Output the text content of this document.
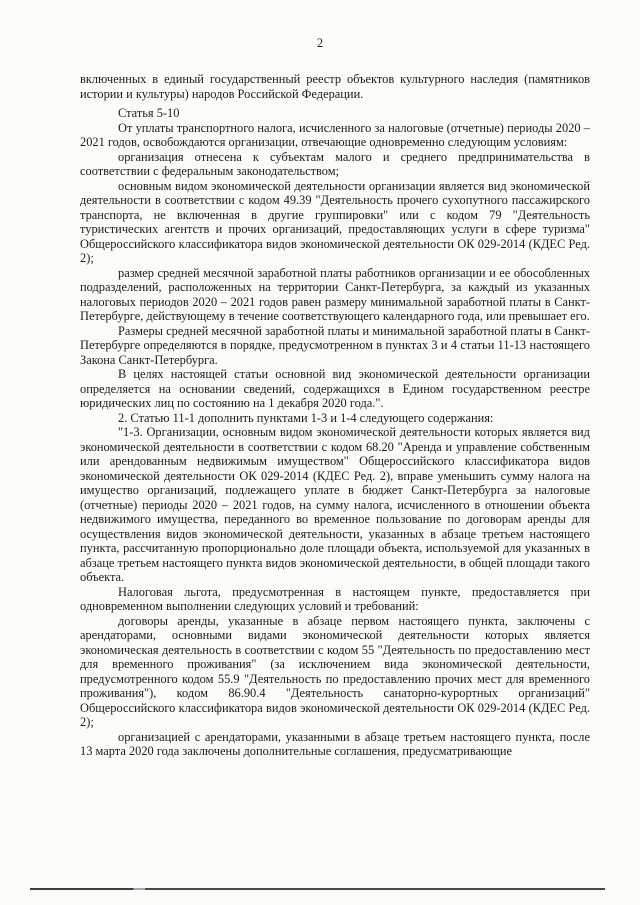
2

включенных в единый государственный реестр объектов культурного наследия (памятников истории и культуры) народов Российской Федерации.

Статья 5-10

От уплаты транспортного налога, исчисленного за налоговые (отчетные) периоды 2020 – 2021 годов, освобождаются организации, отвечающие одновременно следующим условиям:

организация отнесена к субъектам малого и среднего предпринимательства в соответствии с федеральным законодательством;

основным видом экономической деятельности организации является вид экономической деятельности в соответствии с кодом 49.39 "Деятельность прочего сухопутного пассажирского транспорта, не включенная в другие группировки" или с кодом 79 "Деятельность туристических агентств и прочих организаций, предоставляющих услуги в сфере туризма" Общероссийского классификатора видов экономической деятельности ОК 029-2014 (КДЕС Ред. 2);

размер средней месячной заработной платы работников организации и ее обособленных подразделений, расположенных на территории Санкт-Петербурга, за каждый из указанных налоговых периодов 2020 – 2021 годов равен размеру минимальной заработной платы в Санкт-Петербурге, действующему в течение соответствующего календарного года, или превышает его.

Размеры средней месячной заработной платы и минимальной заработной платы в Санкт-Петербурге определяются в порядке, предусмотренном в пунктах 3 и 4 статьи 11-13 настоящего Закона Санкт-Петербурга.

В целях настоящей статьи основной вид экономической деятельности организации определяется на основании сведений, содержащихся в Едином государственном реестре юридических лиц по состоянию на 1 декабря 2020 года.".

2. Статью 11-1 дополнить пунктами 1-3 и 1-4 следующего содержания:

"1-3. Организации, основным видом экономической деятельности которых является вид экономической деятельности в соответствии с кодом 68.20 "Аренда и управление собственным или арендованным недвижимым имуществом" Общероссийского классификатора видов экономической деятельности ОК 029-2014 (КДЕС Ред. 2), вправе уменьшить сумму налога на имущество организаций, подлежащего уплате в бюджет Санкт-Петербурга за налоговые (отчетные) периоды 2020 – 2021 годов, на сумму налога, исчисленного в отношении объекта недвижимого имущества, переданного во временное пользование по договорам аренды для осуществления видов экономической деятельности, указанных в абзаце третьем настоящего пункта, рассчитанную пропорционально доле площади объекта, используемой для указанных в абзаце третьем настоящего пункта видов экономической деятельности, в общей площади такого объекта.

Налоговая льгота, предусмотренная в настоящем пункте, предоставляется при одновременном выполнении следующих условий и требований:

договоры аренды, указанные в абзаце первом настоящего пункта, заключены с арендаторами, основными видами экономической деятельности которых является экономическая деятельность в соответствии с кодом 55 "Деятельность по предоставлению мест для временного проживания" (за исключением вида экономической деятельности, предусмотренного кодом 55.9 "Деятельность по предоставлению прочих мест для временного проживания"), кодом 86.90.4 "Деятельность санаторно-курортных организаций" Общероссийского классификатора видов экономической деятельности ОК 029-2014 (КДЕС Ред. 2);

организацией с арендаторами, указанными в абзаце третьем настоящего пункта, после 13 марта 2020 года заключены дополнительные соглашения, предусматривающие
